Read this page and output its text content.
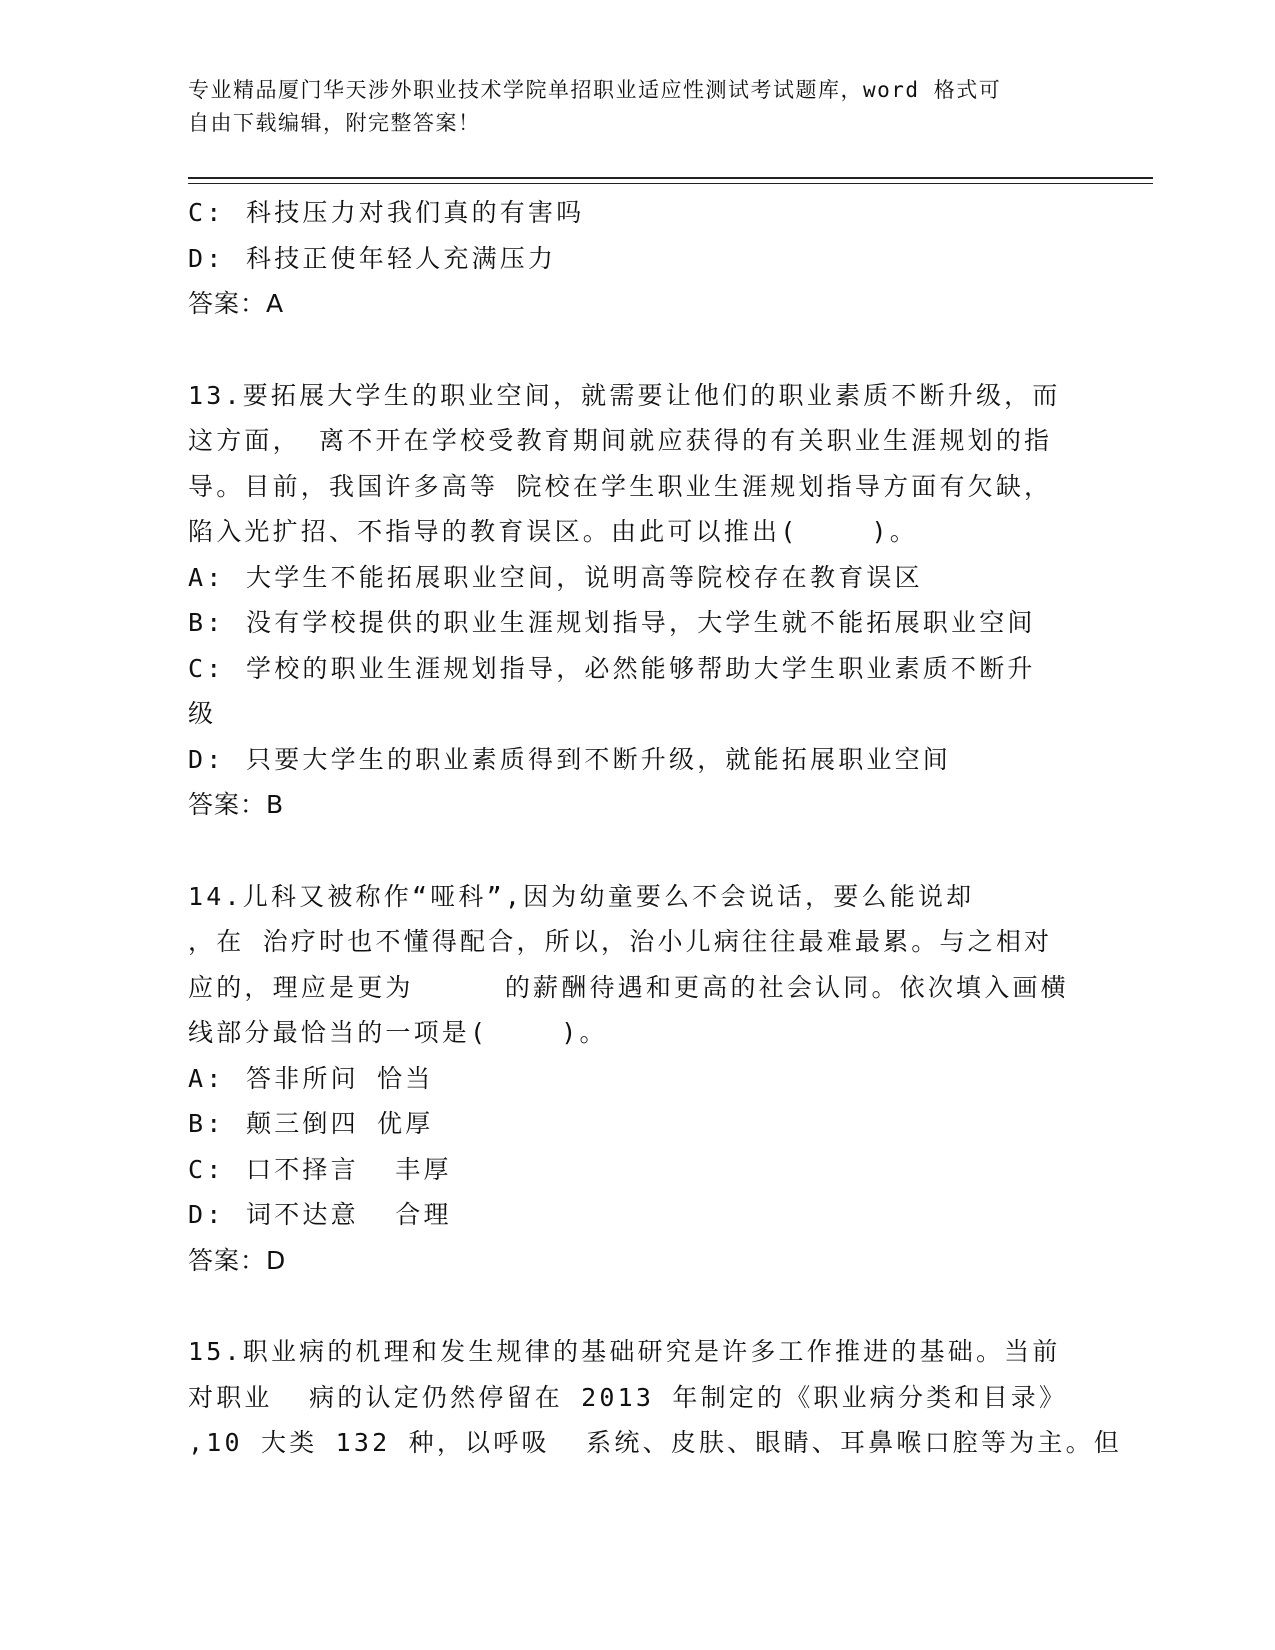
专业精品厦门华天涉外职业技术学院单招职业适应性测试考试题库，word 格式可
自由下载编辑，附完整答案！
C: 科技压力对我们真的有害吗
D: 科技正使年轻人充满压力
答案：A
13.要拓展大学生的职业空间，就需要让他们的职业素质不断升级，而
这方面， 离不开在学校受教育期间就应获得的有关职业生涯规划的指
导。目前，我国许多高等 院校在学生职业生涯规划指导方面有欠缺，
陷入光扩招、不指导的教育误区。由此可以推出(    )。
A: 大学生不能拓展职业空间，说明高等院校存在教育误区
B: 没有学校提供的职业生涯规划指导，大学生就不能拓展职业空间
C: 学校的职业生涯规划指导，必然能够帮助大学生职业素质不断升
级
D: 只要大学生的职业素质得到不断升级，就能拓展职业空间
答案：B
14.儿科又被称作“哑科”,因为幼童要么不会说话，要么能说却
，在 治疗时也不懂得配合，所以，治小儿病往往最难最累。与之相对
应的，理应是更为     的薪酬待遇和更高的社会认同。依次填入画横
线部分最恰当的一项是(    )。
A: 答非所问 恰当
B: 颠三倒四 优厚
C: 口不择言  丰厚
D: 词不达意  合理
答案：D
15.职业病的机理和发生规律的基础研究是许多工作推进的基础。当前
对职业  病的认定仍然停留在 2013 年制定的《职业病分类和目录》
,10 大类 132 种，以呼吸  系统、皮肤、眼睛、耳鼻喉口腔等为主。但
